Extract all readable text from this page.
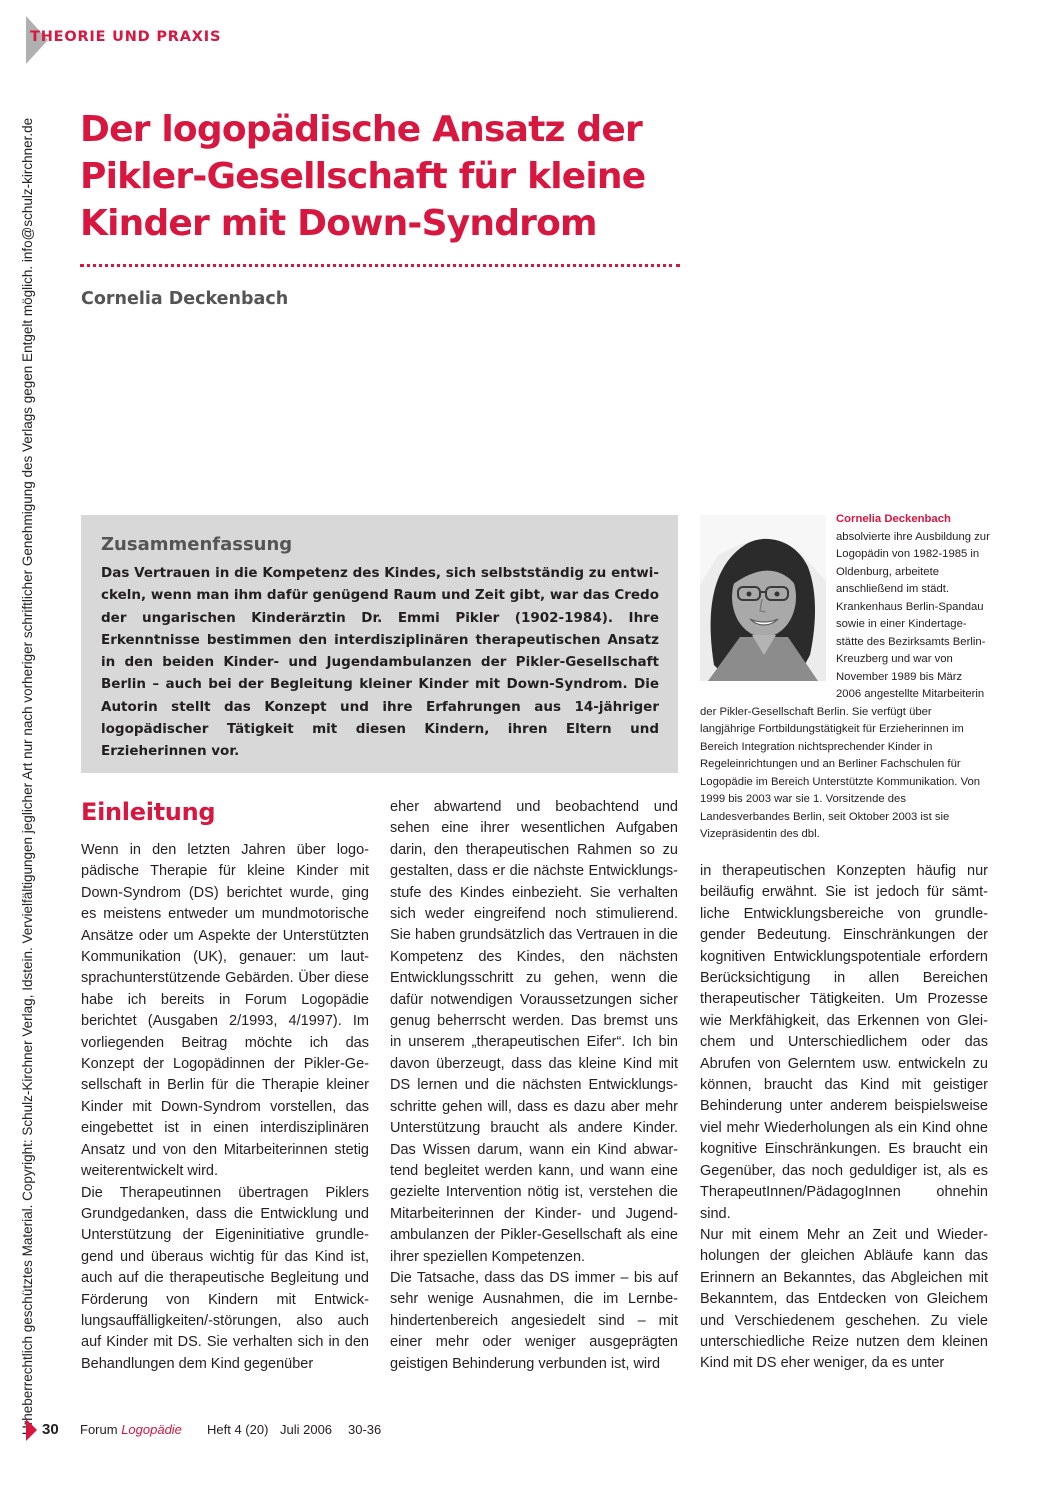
THEORIE UND PRAXIS
Urheberrechtlich geschütztes Material. Copyright: Schulz-Kirchner Verlag, Idstein. Vervielfältigungen jeglicher Art nur nach vorheriger schriftlicher Genehmigung des Verlags gegen Entgelt möglich. info@schulz-kirchner.de Der logopädische Ansatz der Pikler-Gesellschaft für kleine Kinder mit Down-Syndrom
Cornelia Deckenbach
Zusammenfassung

Das Vertrauen in die Kompetenz des Kindes, sich selbstständig zu entwickeln, wenn man ihm dafür genügend Raum und Zeit gibt, war das Credo der ungarischen Kinderärztin Dr. Emmi Pikler (1902-1984). Ihre Erkenntnisse bestimmen den interdisziplinären therapeutischen Ansatz in den beiden Kinder- und Jugendambulanzen der Pikler-Gesellschaft Berlin – auch bei der Begleitung kleiner Kinder mit Down-Syndrom. Die Autorin stellt das Konzept und ihre Erfahrungen aus 14-jähriger logopädischer Tätigkeit mit diesen Kindern, ihren Eltern und Erzieherinnen vor.

Cornelia Deckenbach
absolvierte ihre Ausbildung zur Logopädin von 1982-1985 in Oldenburg, arbeitete anschließend im städt. Krankenhaus Berlin-Spandau sowie in einer Kindertagestätte des Bezirksamts Berlin-Kreuzberg und war von November 1989 bis März 2006 angestellte Mitarbeiterin der Pikler-Gesellschaft Berlin. Sie verfügt über langjährige Fortbildungstätigkeit für Erzieherinnen im Bereich Integration nichtsprechender Kinder in Regeleinrichtungen und an Berliner Fachschulen für Logopädie im Bereich Unterstützte Kommunikation. Von 1999 bis 2003 war sie 1. Vorsitzende des Landesverbandes Berlin, seit Oktober 2003 ist sie Vizepräsidentin des dbl.
Einleitung

Wenn in den letzten Jahren über logopädische Therapie für kleine Kinder mit Down-Syndrom (DS) berichtet wurde, ging es meistens entweder um mundmotorische Ansätze oder um Aspekte der Unterstützten Kommunikation (UK), genauer: um lautsprachunterstützende Gebärden. Über diese habe ich bereits in Forum Logopädie berichtet (Ausgaben 2/1993, 4/1997). Im vorliegenden Beitrag möchte ich das Konzept der Logopädinnen der Pikler-Gesellschaft in Berlin für die Therapie kleiner Kinder mit Down-Syndrom vorstellen, das eingebettet ist in einen interdisziplinären Ansatz und von den Mitarbeiterinnen stetig weiterentwickelt wird.

Die Therapeutinnen übertragen Piklers Grundgedanken, dass die Entwicklung und Unterstützung der Eigeninitiative grundlegend und überaus wichtig für das Kind ist, auch auf die therapeutische Begleitung und Förderung von Kindern mit Entwicklungsauffälligkeiten/-störungen, also auch auf Kinder mit DS. Sie verhalten sich in den Behandlungen dem Kind gegenüber

eher abwartend und beobachtend und sehen eine ihrer wesentlichen Aufgaben darin, den therapeutischen Rahmen so zu gestalten, dass er die nächste Entwicklungsstufe des Kindes einbezieht. Sie verhalten sich weder eingreifend noch stimulierend. Sie haben grundsätzlich das Vertrauen in die Kompetenz des Kindes, den nächsten Entwicklungsschritt zu gehen, wenn die dafür notwendigen Voraussetzungen sicher genug beherrscht werden. Das bremst uns in unserem „therapeutischen Eifer“. Ich bin davon überzeugt, dass das kleine Kind mit DS lernen und die nächsten Entwicklungsschritte gehen will, dass es dazu aber mehr Unterstützung braucht als andere Kinder. Das Wissen darum, wann ein Kind abwartend begleitet werden kann, und wann eine gezielte Intervention nötig ist, verstehen die Mitarbeiterinnen der Kinder- und Jugendambulanzen der Pikler-Gesellschaft als eine ihrer speziellen Kompetenzen.

Die Tatsache, dass das DS immer – bis auf sehr wenige Ausnahmen, die im Lernbehindertenbereich angesiedelt sind – mit einer mehr oder weniger ausgeprägten geistigen Behinderung verbunden ist, wird

in therapeutischen Konzepten häufig nur beiläufig erwähnt. Sie ist jedoch für sämtliche Entwicklungsbereiche von grundlegender Bedeutung. Einschränkungen der kognitiven Entwicklungspotentiale erfordern Berücksichtigung in allen Bereichen therapeutischer Tätigkeiten. Um Prozesse wie Merkfähigkeit, das Erkennen von Gleichem und Unterschiedlichem oder das Abrufen von Gelerntem usw. entwickeln zu können, braucht das Kind mit geistiger Behinderung unter anderem beispielsweise viel mehr Wiederholungen als ein Kind ohne kognitive Einschränkungen. Es braucht ein Gegenüber, das noch geduldiger ist, als es TherapeutInnen/PädagogInnen ohnehin sind.

Nur mit einem Mehr an Zeit und Wiederholungen der gleichen Abläufe kann das Erinnern an Bekanntes, das Abgleichen mit Bekanntem, das Entdecken von Gleichem und Verschiedenem geschehen. Zu viele unterschiedliche Reize nutzen dem kleinen Kind mit DS eher weniger, da es unter

30 Forum Logopädie Heft 4 (20) Juli 2006 30-36
